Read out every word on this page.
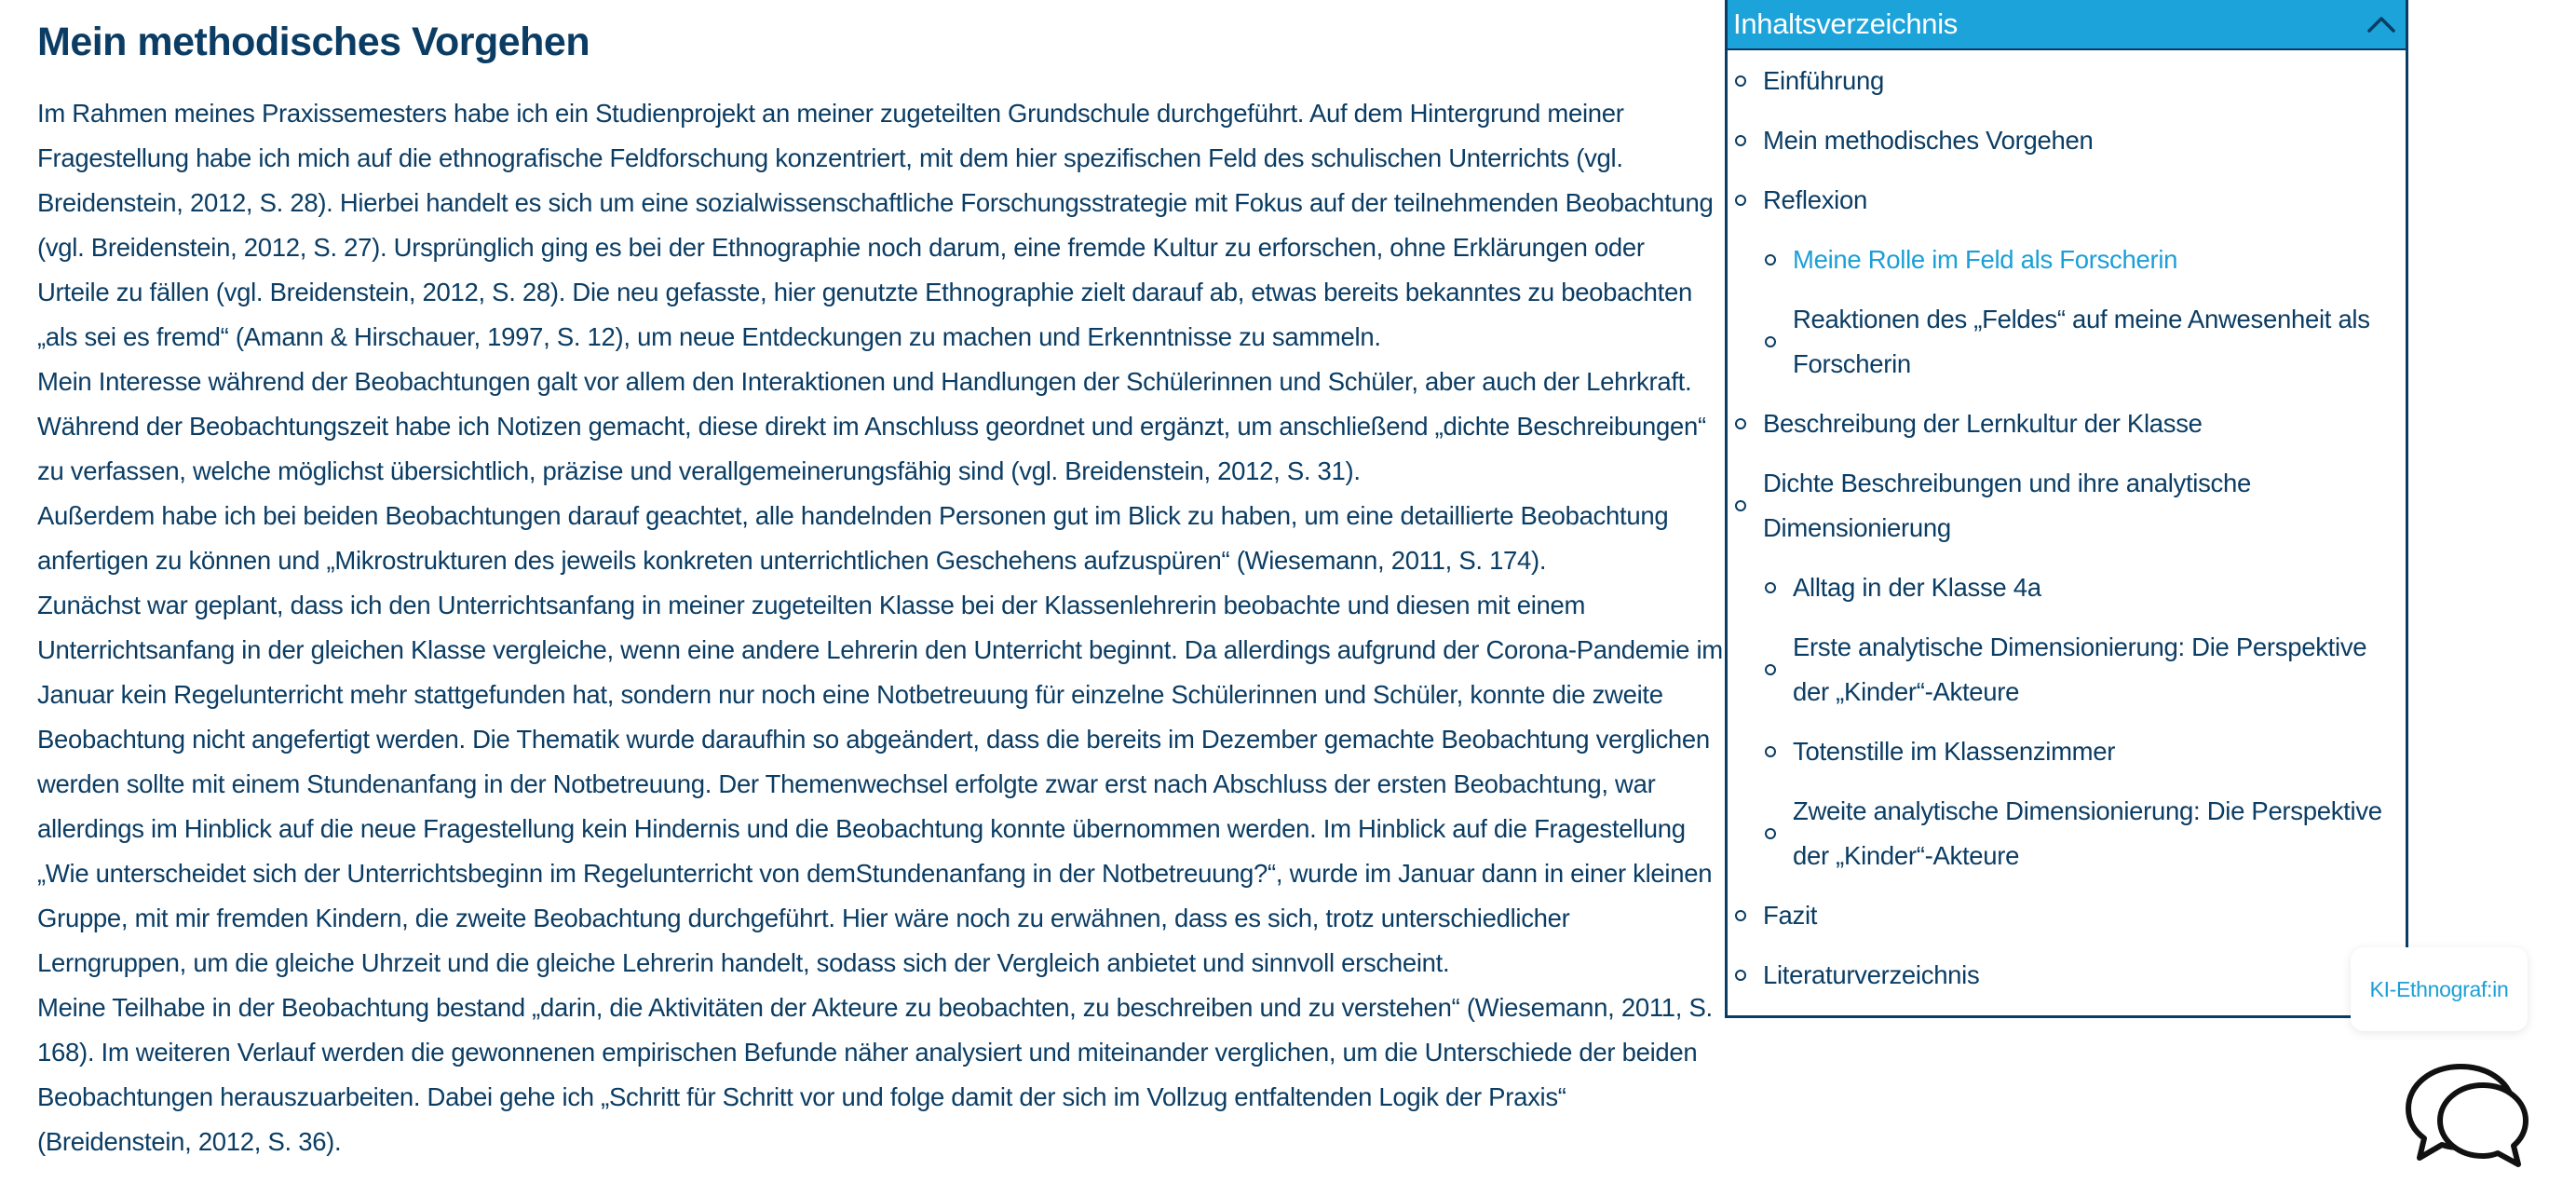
Mein methodisches Vorgehen

Im Rahmen meines Praxissemesters habe ich ein Studienprojekt an meiner zugeteilten Grundschule durchgeführt. Auf dem Hintergrund meiner Fragestellung habe ich mich auf die ethnografische Feldforschung konzentriert, mit dem hier spezifischen Feld des schulischen Unterrichts (vgl. Breidenstein, 2012, S. 28). Hierbei handelt es sich um eine sozialwissenschaftliche Forschungsstrategie mit Fokus auf der teilnehmenden Beobachtung (vgl. Breidenstein, 2012, S. 27). Ursprünglich ging es bei der Ethnographie noch darum, eine fremde Kultur zu erforschen, ohne Erklärungen oder Urteile zu fällen (vgl. Breidenstein, 2012, S. 28). Die neu gefasste, hier genutzte Ethnographie zielt darauf ab, etwas bereits bekanntes zu beobachten „als sei es fremd“ (Amann & Hirschauer, 1997, S. 12), um neue Entdeckungen zu machen und Erkenntnisse zu sammeln.

Mein Interesse während der Beobachtungen galt vor allem den Interaktionen und Handlungen der Schülerinnen und Schüler, aber auch der Lehrkraft. Während der Beobachtungszeit habe ich Notizen gemacht, diese direkt im Anschluss geordnet und ergänzt, um anschließend „dichte Beschreibungen“ zu verfassen, welche möglichst übersichtlich, präzise und verallgemeinerungsfähig sind (vgl. Breidenstein, 2012, S. 31).

Außerdem habe ich bei beiden Beobachtungen darauf geachtet, alle handelnden Personen gut im Blick zu haben, um eine detaillierte Beobachtung anfertigen zu können und „Mikrostrukturen des jeweils konkreten unterrichtlichen Geschehens aufzuspüren“ (Wiesemann, 2011, S. 174).

Zunächst war geplant, dass ich den Unterrichtsanfang in meiner zugeteilten Klasse bei der Klassenlehrerin beobachte und diesen mit einem Unterrichtsanfang in der gleichen Klasse vergleiche, wenn eine andere Lehrerin den Unterricht beginnt. Da allerdings aufgrund der Corona-Pandemie im Januar kein Regelunterricht mehr stattgefunden hat, sondern nur noch eine Notbetreuung für einzelne Schülerinnen und Schüler, konnte die zweite Beobachtung nicht angefertigt werden. Die Thematik wurde daraufhin so abgeändert, dass die bereits im Dezember gemachte Beobachtung verglichen werden sollte mit einem Stundenanfang in der Notbetreuung. Der Themenwechsel erfolgte zwar erst nach Abschluss der ersten Beobachtung, war allerdings im Hinblick auf die neue Fragestellung kein Hindernis und die Beobachtung konnte übernommen werden. Im Hinblick auf die Fragestellung „Wie unterscheidet sich der Unterrichtsbeginn im Regelunterricht von demStundenanfang in der Notbetreuung?“, wurde im Januar dann in einer kleinen Gruppe, mit mir fremden Kindern, die zweite Beobachtung durchgeführt. Hier wäre noch zu erwähnen, dass es sich, trotz unterschiedlicher Lerngruppen, um die gleiche Uhrzeit und die gleiche Lehrerin handelt, sodass sich der Vergleich anbietet und sinnvoll erscheint.

Meine Teilhabe in der Beobachtung bestand „darin, die Aktivitäten der Akteure zu beobachten, zu beschreiben und zu verstehen“ (Wiesemann, 2011, S. 168). Im weiteren Verlauf werden die gewonnenen empirischen Befunde näher analysiert und miteinander verglichen, um die Unterschiede der beiden Beobachtungen herauszuarbeiten. Dabei gehe ich „Schritt für Schritt vor und folge damit der sich im Vollzug entfaltenden Logik der Praxis“ (Breidenstein, 2012, S. 36).

Inhaltsverzeichnis
Einführung
Mein methodisches Vorgehen
Reflexion
Meine Rolle im Feld als Forscherin
Reaktionen des „Feldes“ auf meine Anwesenheit als Forscherin
Beschreibung der Lernkultur der Klasse
Dichte Beschreibungen und ihre analytische Dimensionierung
Alltag in der Klasse 4a
Erste analytische Dimensionierung: Die Perspektive der „Kinder“-Akteure
Totenstille im Klassenzimmer
Zweite analytische Dimensionierung: Die Perspektive der „Kinder“-Akteure
Fazit
Literaturverzeichnis	KI-Ethnograf:in
